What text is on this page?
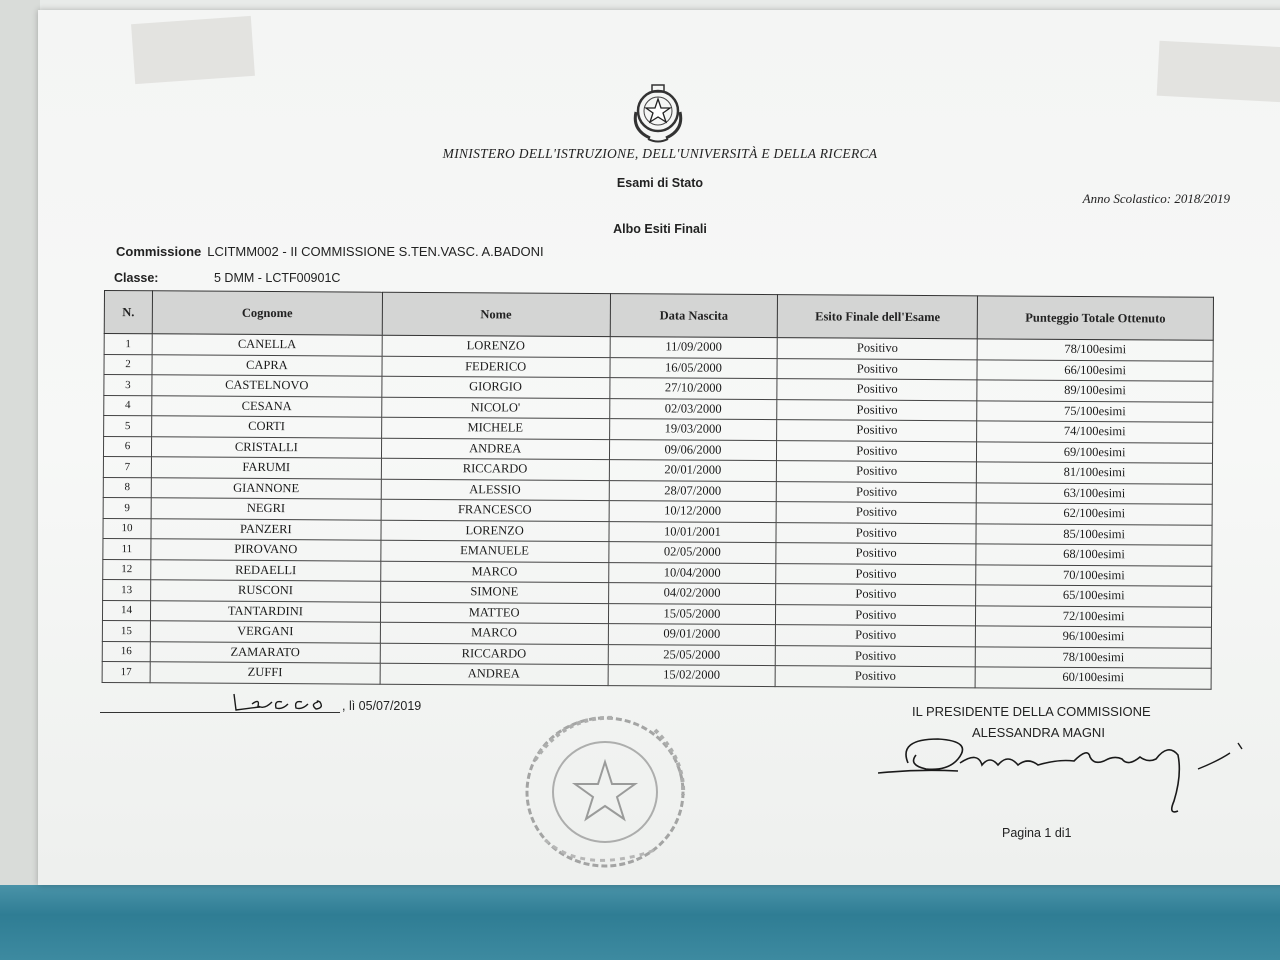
MINISTERO DELL'ISTRUZIONE, DELL'UNIVERSITÀ E DELLA RICERCA
Esami di Stato
Anno Scolastico: 2018/2019
Albo Esiti Finali
Commissione LCITMM002 - II COMMISSIONE S.TEN.VASC. A.BADONI
Classe:	5 DMM - LCTF00901C
N.	Cognome	Nome	Data Nascita	Esito Finale dell'Esame	Punteggio Totale Ottenuto
1	CANELLA	LORENZO	11/09/2000	Positivo	78/100esimi
2	CAPRA	FEDERICO	16/05/2000	Positivo	66/100esimi
3	CASTELNOVO	GIORGIO	27/10/2000	Positivo	89/100esimi
4	CESANA	NICOLO'	02/03/2000	Positivo	75/100esimi
5	CORTI	MICHELE	19/03/2000	Positivo	74/100esimi
6	CRISTALLI	ANDREA	09/06/2000	Positivo	69/100esimi
7	FARUMI	RICCARDO	20/01/2000	Positivo	81/100esimi
8	GIANNONE	ALESSIO	28/07/2000	Positivo	63/100esimi
9	NEGRI	FRANCESCO	10/12/2000	Positivo	62/100esimi
10	PANZERI	LORENZO	10/01/2001	Positivo	85/100esimi
11	PIROVANO	EMANUELE	02/05/2000	Positivo	68/100esimi
12	REDAELLI	MARCO	10/04/2000	Positivo	70/100esimi
13	RUSCONI	SIMONE	04/02/2000	Positivo	65/100esimi
14	TANTARDINI	MATTEO	15/05/2000	Positivo	72/100esimi
15	VERGANI	MARCO	09/01/2000	Positivo	96/100esimi
16	ZAMARATO	RICCARDO	25/05/2000	Positivo	78/100esimi
17	ZUFFI	ANDREA	15/02/2000	Positivo	60/100esimi
, lì 05/07/2019	IL PRESIDENTE DELLA COMMISSIONE
ALESSANDRA MAGNI
Pagina 1 di1
